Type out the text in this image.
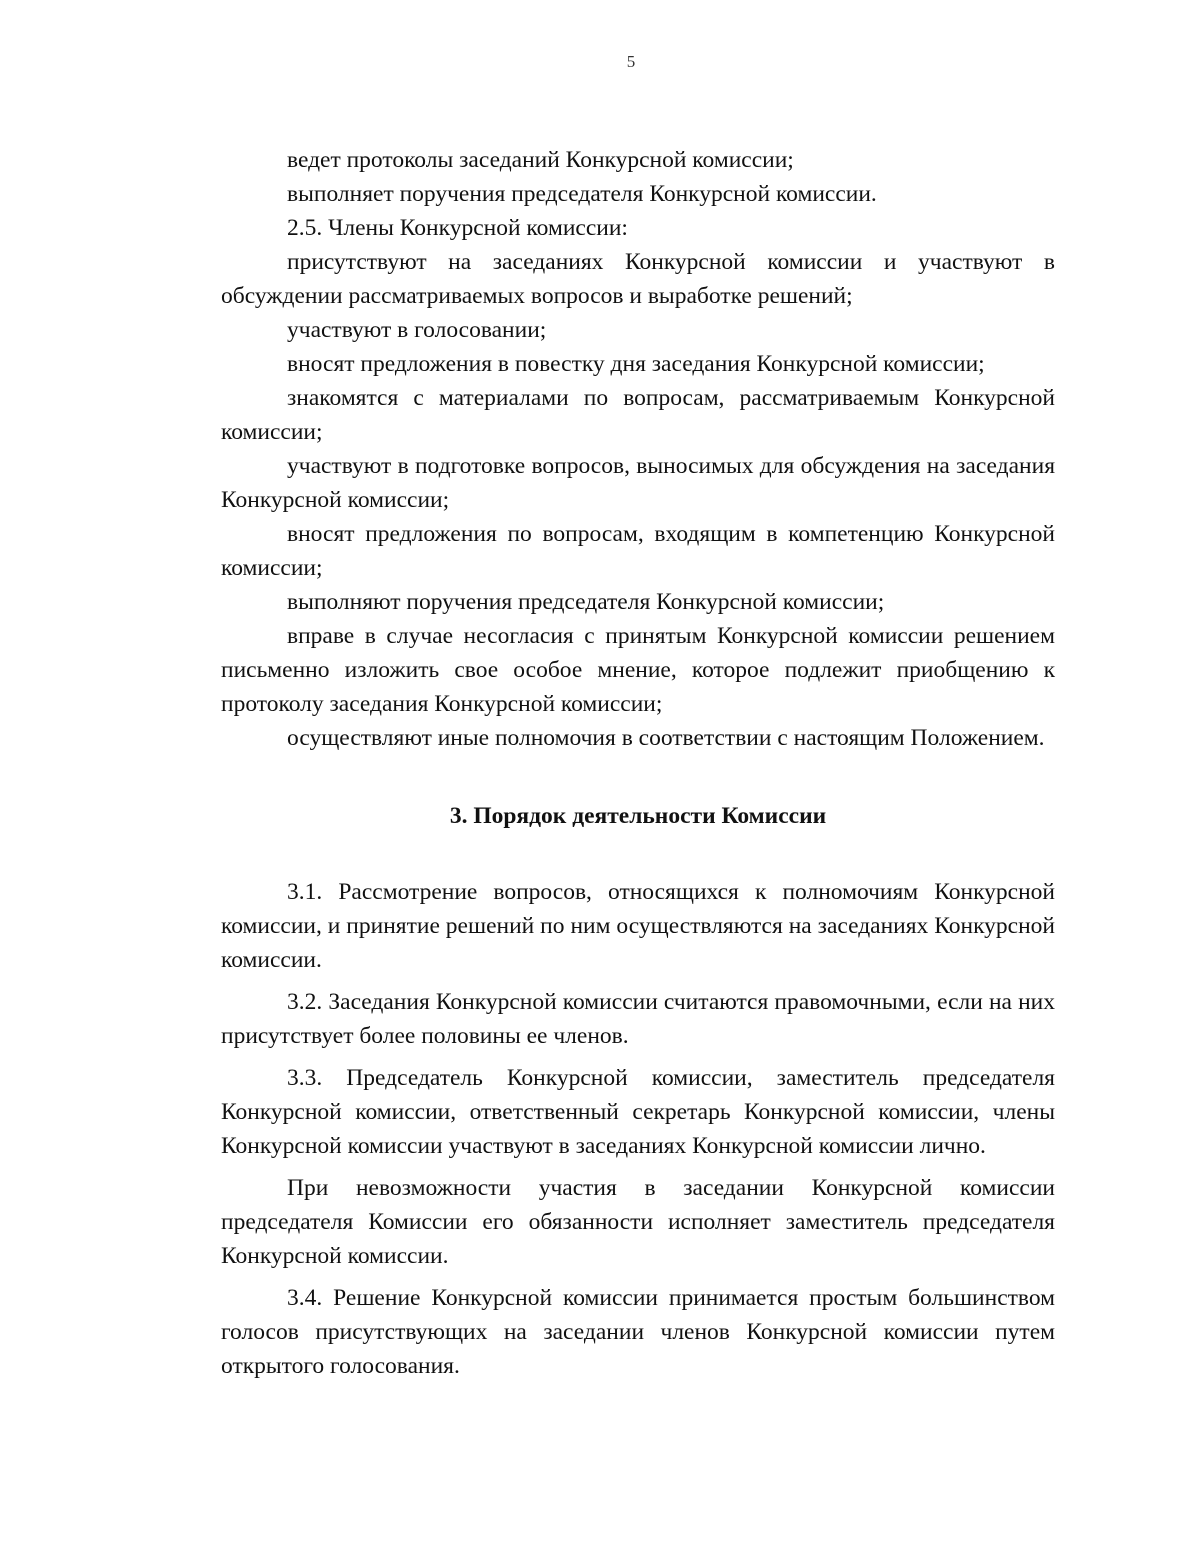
5

ведет протоколы заседаний Конкурсной комиссии;

выполняет поручения председателя Конкурсной комиссии.

2.5. Члены Конкурсной комиссии:

присутствуют на заседаниях Конкурсной комиссии и участвуют в обсуждении рассматриваемых вопросов и выработке решений;

участвуют в голосовании;

вносят предложения в повестку дня заседания Конкурсной комиссии;

знакомятся с материалами по вопросам, рассматриваемым Конкурсной комиссии;

участвуют в подготовке вопросов, выносимых для обсуждения на заседания Конкурсной комиссии;

вносят предложения по вопросам, входящим в компетенцию Конкурсной комиссии;

выполняют поручения председателя Конкурсной комиссии;

вправе в случае несогласия с принятым Конкурсной комиссии решением письменно изложить свое особое мнение, которое подлежит приобщению к протоколу заседания Конкурсной комиссии;

осуществляют иные полномочия в соответствии с настоящим Положением.

3. Порядок деятельности Комиссии

3.1. Рассмотрение вопросов, относящихся к полномочиям Конкурсной комиссии, и принятие решений по ним осуществляются на заседаниях Конкурсной комиссии.

3.2. Заседания Конкурсной комиссии считаются правомочными, если на них присутствует более половины ее членов.

3.3. Председатель Конкурсной комиссии, заместитель председателя Конкурсной комиссии, ответственный секретарь Конкурсной комиссии, члены Конкурсной комиссии участвуют в заседаниях Конкурсной комиссии лично.

При невозможности участия в заседании Конкурсной комиссии председателя Комиссии его обязанности исполняет заместитель председателя Конкурсной комиссии.

3.4. Решение Конкурсной комиссии принимается простым большинством голосов присутствующих на заседании членов Конкурсной комиссии путем открытого голосования.
